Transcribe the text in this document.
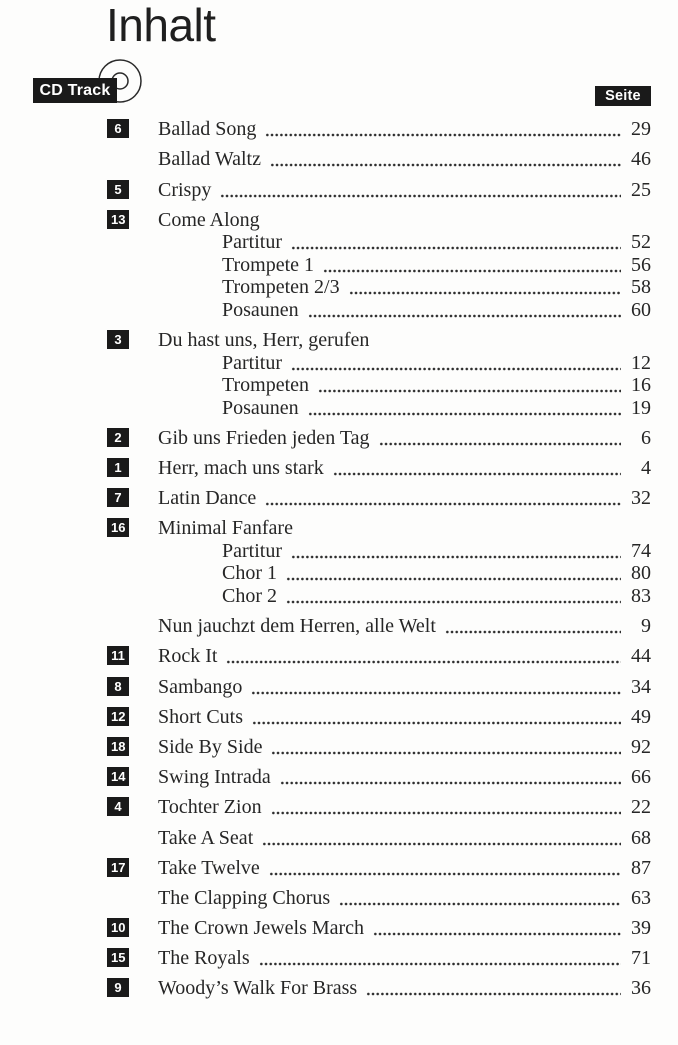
Inhalt
CD Track	Seite
6	Ballad Song	29
Ballad Waltz	46
5	Crispy	25
13 Come Along
Partitur	52
Trompete 1	56
Trompeten 2/3	58
Posaunen	60
3	Du hast uns, Herr, gerufen
Partitur	12
Trompeten	16
Posaunen	19
2	Gib uns Frieden jeden Tag	6
1	Herr, mach uns stark	4
7	Latin Dance	32
16 Minimal Fanfare
Partitur	74
Chor 1	80
Chor 2	83
Nun jauchzt dem Herren, alle Welt	9
11 Rock It	44
8	Sambango	34
12 Short Cuts	49
18 Side By Side	92
14 Swing Intrada	66
4	Tochter Zion	22
Take A Seat	68
17 Take Twelve	87
The Clapping Chorus	63
10 The Crown Jewels March	39
15 The Royals	71
9	Woody’s Walk For Brass	36
